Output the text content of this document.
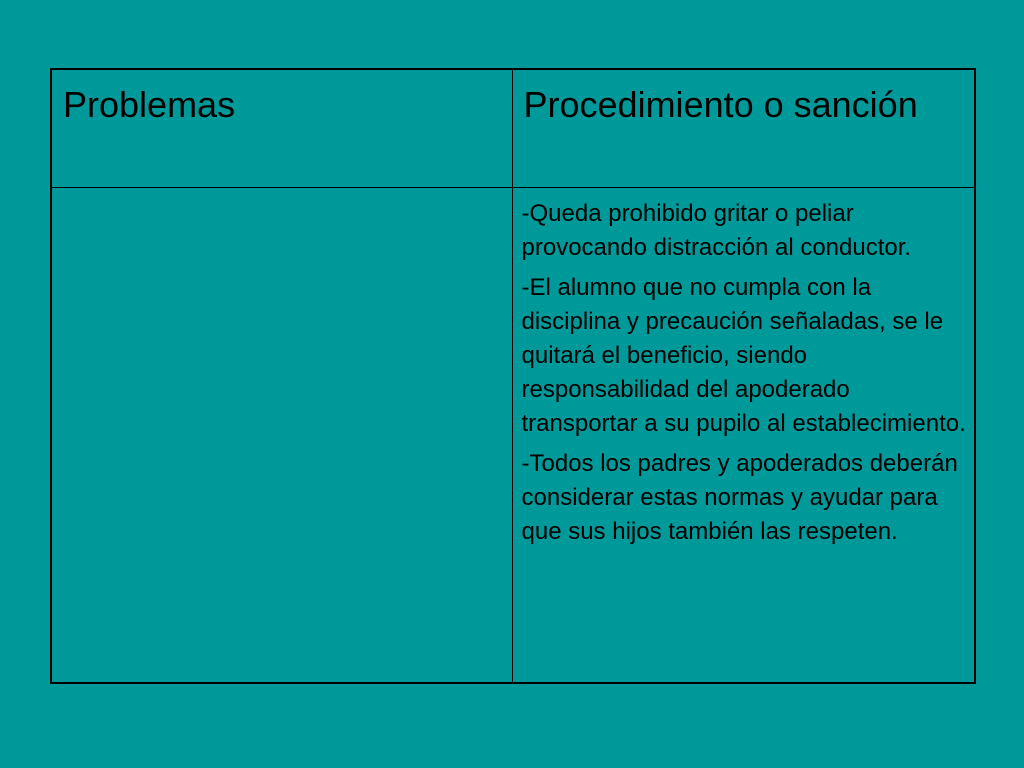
Problemas	Procedimiento o sanción

	-Queda prohibido gritar o peliar provocando distracción al conductor.
-El alumno que no cumpla con la disciplina y precaución señaladas, se le quitará el beneficio, siendo responsabilidad del apoderado transportar a su pupilo al establecimiento.
-Todos los padres y apoderados deberán considerar estas normas y ayudar para que sus hijos también las respeten.
